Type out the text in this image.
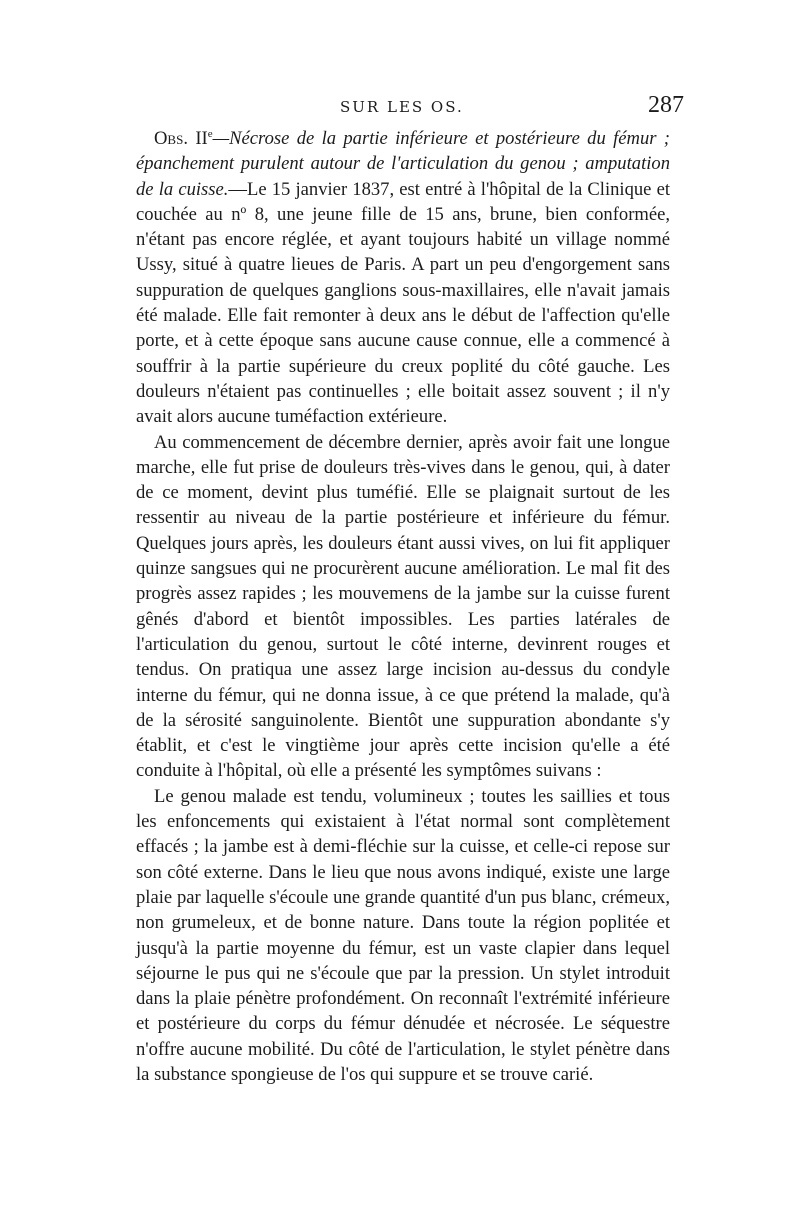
SUR LES OS.	287

Obs. IIe—Nécrose de la partie inférieure et postérieure du fémur ; épanchement purulent autour de l'articulation du genou ; amputation de la cuisse.—Le 15 janvier 1837, est entré à l'hôpital de la Clinique et couchée au nº 8, une jeune fille de 15 ans, brune, bien conformée, n'étant pas encore réglée, et ayant toujours habité un village nommé Ussy, situé à quatre lieues de Paris. A part un peu d'engorgement sans suppuration de quelques ganglions sous-maxillaires, elle n'avait jamais été malade. Elle fait remonter à deux ans le début de l'affection qu'elle porte, et à cette époque sans aucune cause connue, elle a commencé à souffrir à la partie supérieure du creux poplité du côté gauche. Les douleurs n'étaient pas continuelles ; elle boitait assez souvent ; il n'y avait alors aucune tuméfaction extérieure.

Au commencement de décembre dernier, après avoir fait une longue marche, elle fut prise de douleurs très-vives dans le genou, qui, à dater de ce moment, devint plus tuméfié. Elle se plaignait surtout de les ressentir au niveau de la partie postérieure et inférieure du fémur. Quelques jours après, les douleurs étant aussi vives, on lui fit appliquer quinze sangsues qui ne procurèrent aucune amélioration. Le mal fit des progrès assez rapides ; les mouvemens de la jambe sur la cuisse furent gênés d'abord et bientôt impossibles. Les parties latérales de l'articulation du genou, surtout le côté interne, devinrent rouges et tendus. On pratiqua une assez large incision au-dessus du condyle interne du fémur, qui ne donna issue, à ce que prétend la malade, qu'à de la sérosité sanguinolente. Bientôt une suppuration abondante s'y établit, et c'est le vingtième jour après cette incision qu'elle a été conduite à l'hôpital, où elle a présenté les symptômes suivans :

Le genou malade est tendu, volumineux ; toutes les saillies et tous les enfoncements qui existaient à l'état normal sont complètement effacés ; la jambe est à demi-fléchie sur la cuisse, et celle-ci repose sur son côté externe. Dans le lieu que nous avons indiqué, existe une large plaie par laquelle s'écoule une grande quantité d'un pus blanc, crémeux, non grumeleux, et de bonne nature. Dans toute la région poplitée et jusqu'à la partie moyenne du fémur, est un vaste clapier dans lequel séjourne le pus qui ne s'écoule que par la pression. Un stylet introduit dans la plaie pénètre profondément. On reconnaît l'extrémité inférieure et postérieure du corps du fémur dénudée et nécrosée. Le séquestre n'offre aucune mobilité. Du côté de l'articulation, le stylet pénètre dans la substance spongieuse de l'os qui suppure et se trouve carié.
